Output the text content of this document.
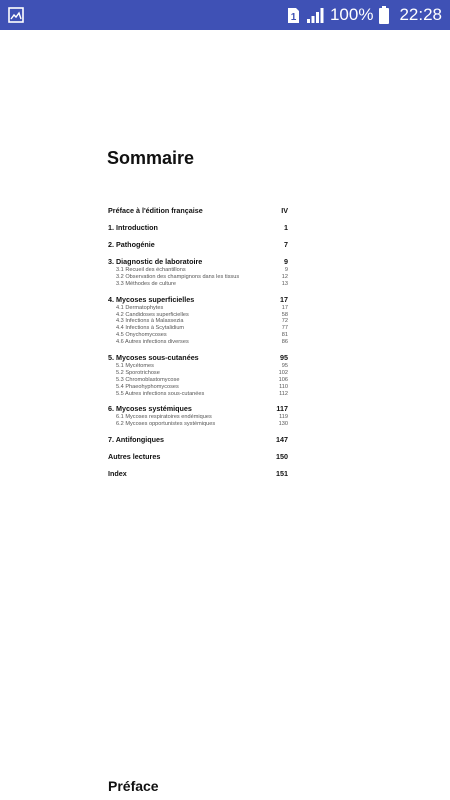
1 100% 22:28
Sommaire
Préface à l'édition française	IV
1. Introduction	1
2. Pathogénie	7
3. Diagnostic de laboratoire	9
3.1 Recueil des échantillons	9
3.2 Observation des champignons dans les tissus	12
3.3 Méthodes de culture	13
4. Mycoses superficielles	17
4.1 Dermatophytes	17
4.2 Candidoses superficielles	58
4.3 Infections à Malassezia	72
4.4 Infections à Scytalidium	77
4.5 Onychomycoses	81
4.6 Autres infections diverses	86
5. Mycoses sous-cutanées	95
5.1 Mycétomes	95
5.2 Sporotrichose	102
5.3 Chromoblastomycose	106
5.4 Phaeohyphomycoses	110
5.5 Autres infections sous-cutanées	112
6. Mycoses systémiques	117
6.1 Mycoses respiratoires endémiques	119
6.2 Mycoses opportunistes systémiques	130
7. Antifongiques	147
Autres lectures	150
Index	151
Préface
